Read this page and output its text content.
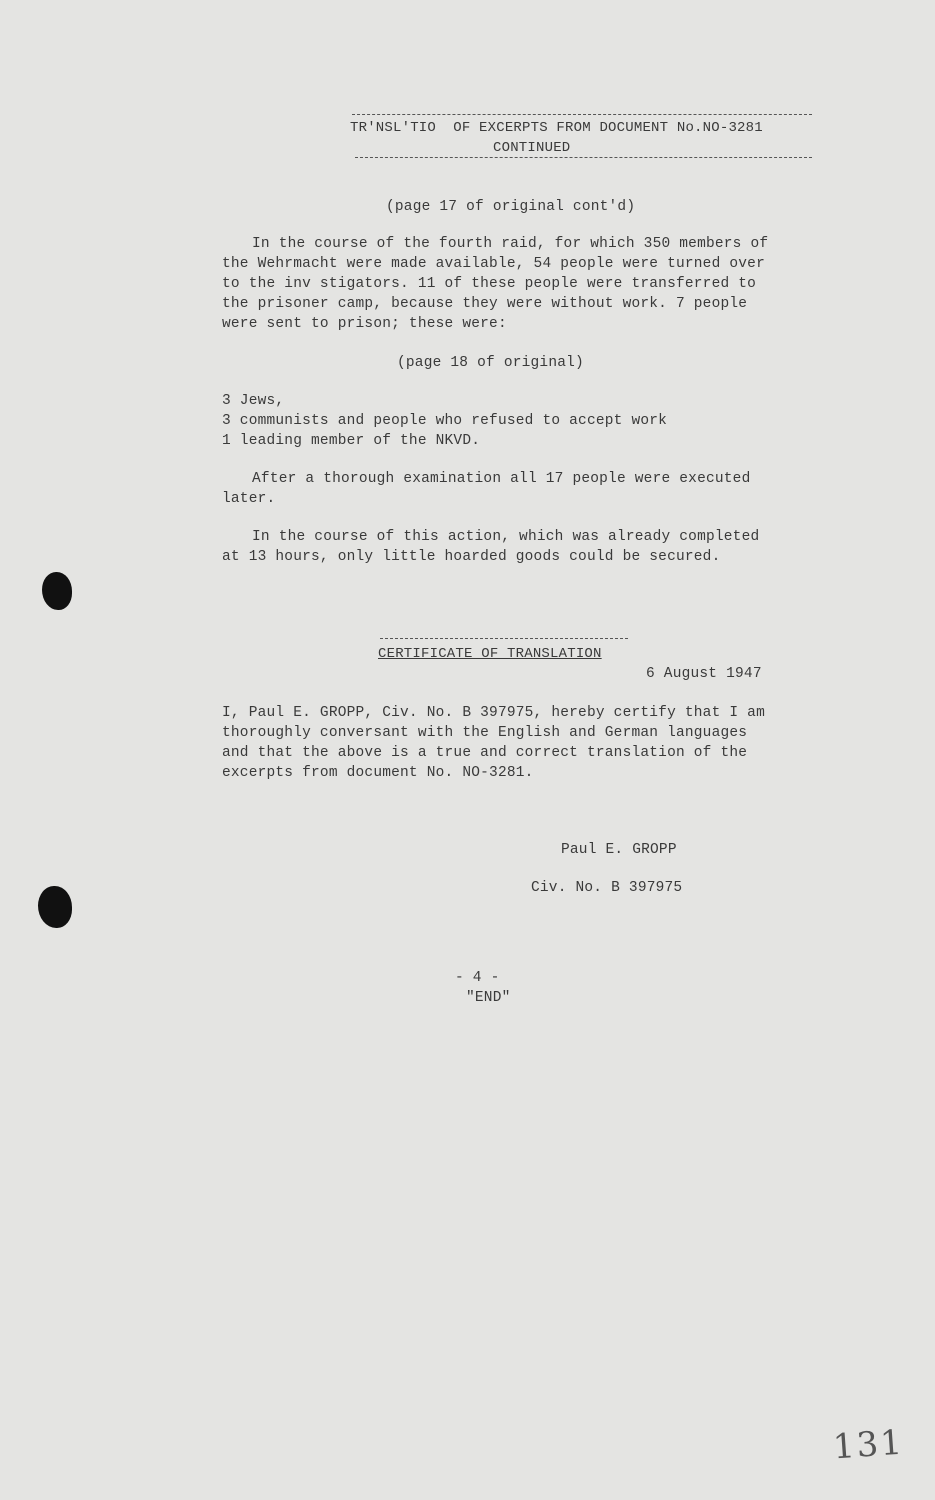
TR'NSL'TIO  OF EXCERPTS FROM DOCUMENT No.NO-3281
CONTINUED
(page 17 of original cont'd)
In the course of the fourth raid, for which 350 members of
the Wehrmacht were made available, 54 people were turned over
to the inv stigators. 11 of these people were transferred to
the prisoner camp, because they were without work. 7 people
were sent to prison; these were:
(page 18 of original)
3 Jews,
3 communists and people who refused to accept work
1 leading member of the NKVD.
After a thorough examination all 17 people were executed
later.
In the course of this action, which was already completed
at 13 hours, only little hoarded goods could be secured.
CERTIFICATE OF TRANSLATION
6 August 1947
I, Paul E. GROPP, Civ. No. B 397975, hereby certify that I am
thoroughly conversant with the English and German languages
and that the above is a true and correct translation of the
excerpts from document No. NO-3281.
Paul E. GROPP
Civ. No. B 397975
- 4 -
"END"
131
